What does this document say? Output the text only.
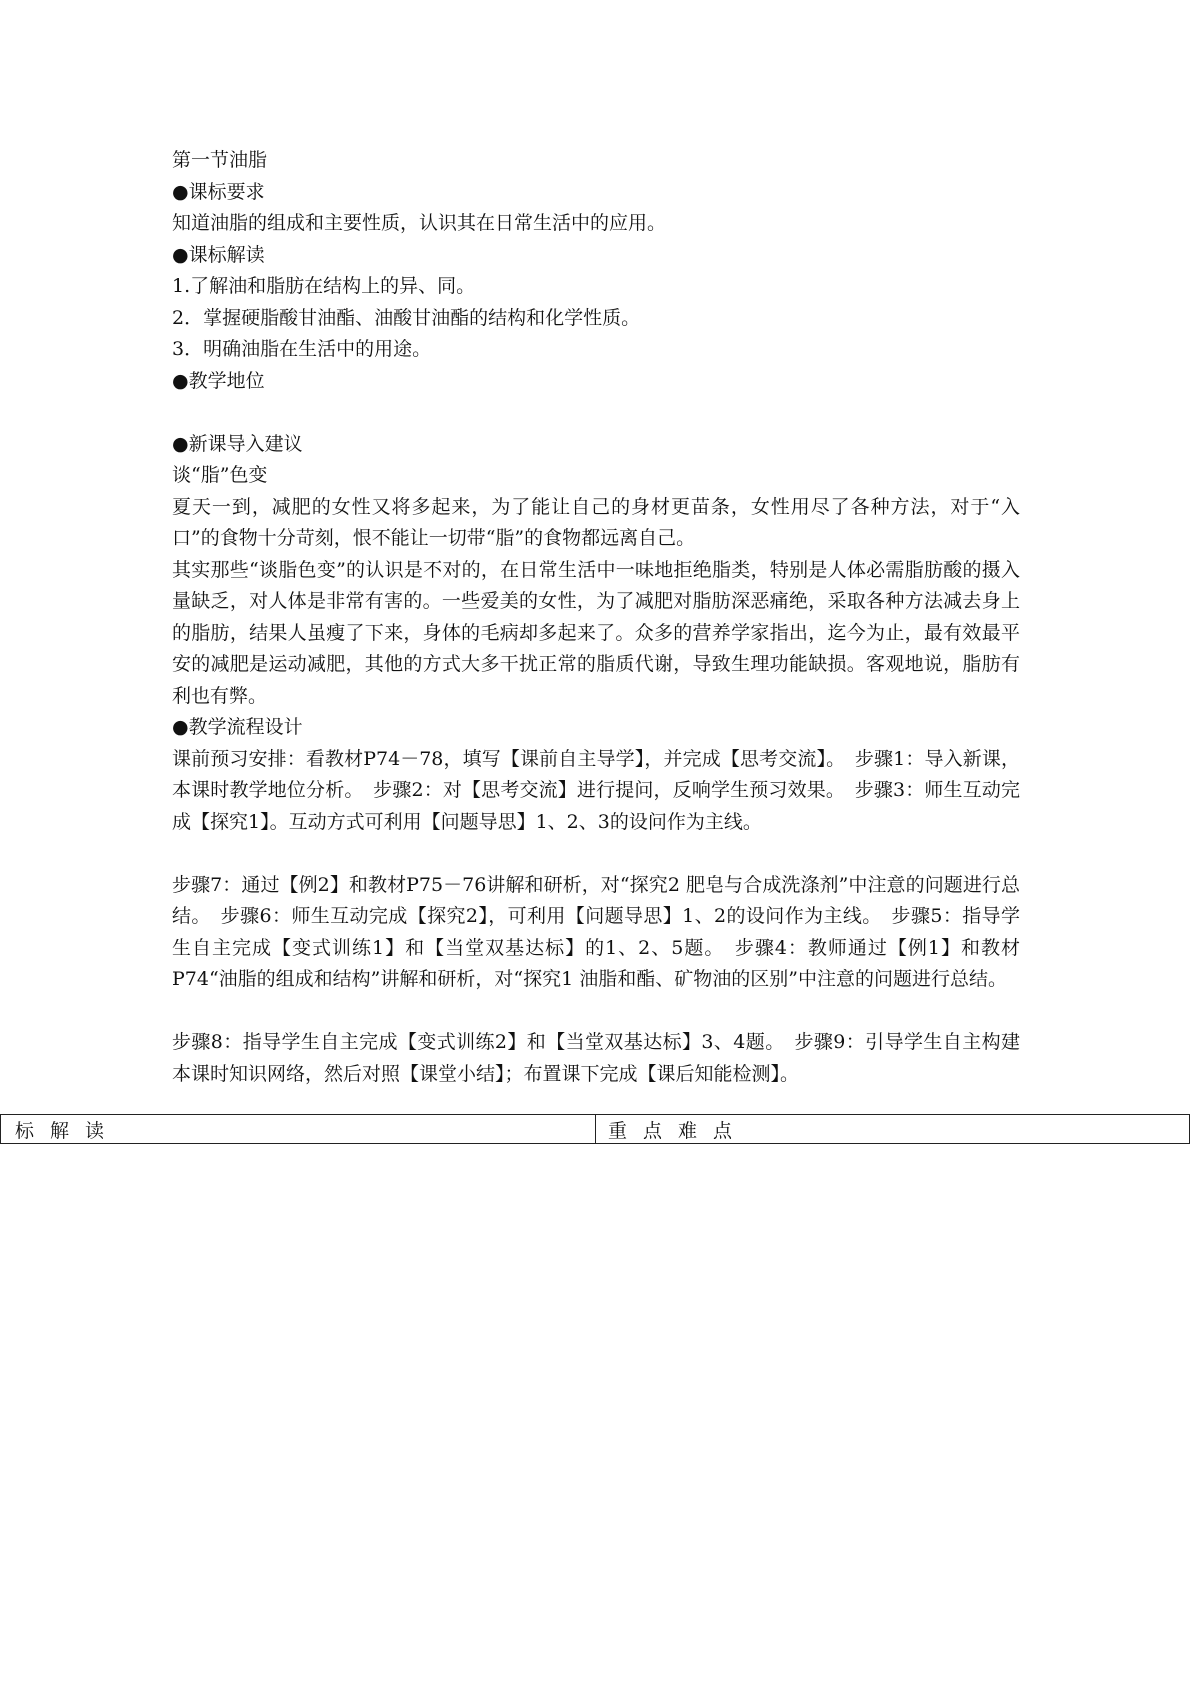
第一节油脂
●课标要求
知道油脂的组成和主要性质，认识其在日常生活中的应用。
●课标解读
1.了解油和脂肪在结构上的异、同。
2．掌握硬脂酸甘油酯、油酸甘油酯的结构和化学性质。
3．明确油脂在生活中的用途。
●教学地位
●新课导入建议
谈“脂”色变
夏天一到，减肥的女性又将多起来，为了能让自己的身材更苗条，女性用尽了各种方法，对于“入口”的食物十分苛刻，恨不能让一切带“脂”的食物都远离自己。
其实那些“谈脂色变”的认识是不对的，在日常生活中一味地拒绝脂类，特别是人体必需脂肪酸的摄入量缺乏，对人体是非常有害的。一些爱美的女性，为了减肥对脂肪深恶痛绝，采取各种方法减去身上的脂肪，结果人虽瘦了下来，身体的毛病却多起来了。众多的营养学家指出，迄今为止，最有效最平安的减肥是运动减肥，其他的方式大多干扰正常的脂质代谢，导致生理功能缺损。客观地说，脂肪有利也有弊。
●教学流程设计
课前预习安排：看教材P74－78，填写【课前自主导学】，并完成【思考交流】。　步骤1：导入新课，本课时教学地位分析。　步骤2：对【思考交流】进行提问，反响学生预习效果。　步骤3：师生互动完成【探究1】。互动方式可利用【问题导思】1、2、3的设问作为主线。
步骤7：通过【例2】和教材P75－76讲解和研析，对“探究2 肥皂与合成洗涤剂”中注意的问题进行总结。　步骤6：师生互动完成【探究2】，可利用【问题导思】1、2的设问作为主线。　步骤5：指导学生自主完成【变式训练1】和【当堂双基达标】的1、2、5题。　步骤4：教师通过【例1】和教材P74“油脂的组成和结构”讲解和研析，对“探究1 油脂和酯、矿物油的区别”中注意的问题进行总结。
步骤8：指导学生自主完成【变式训练2】和【当堂双基达标】3、4题。　步骤9：引导学生自主构建本课时知识网络，然后对照【课堂小结】；布置课下完成【课后知能检测】。
标解读	重点难点
